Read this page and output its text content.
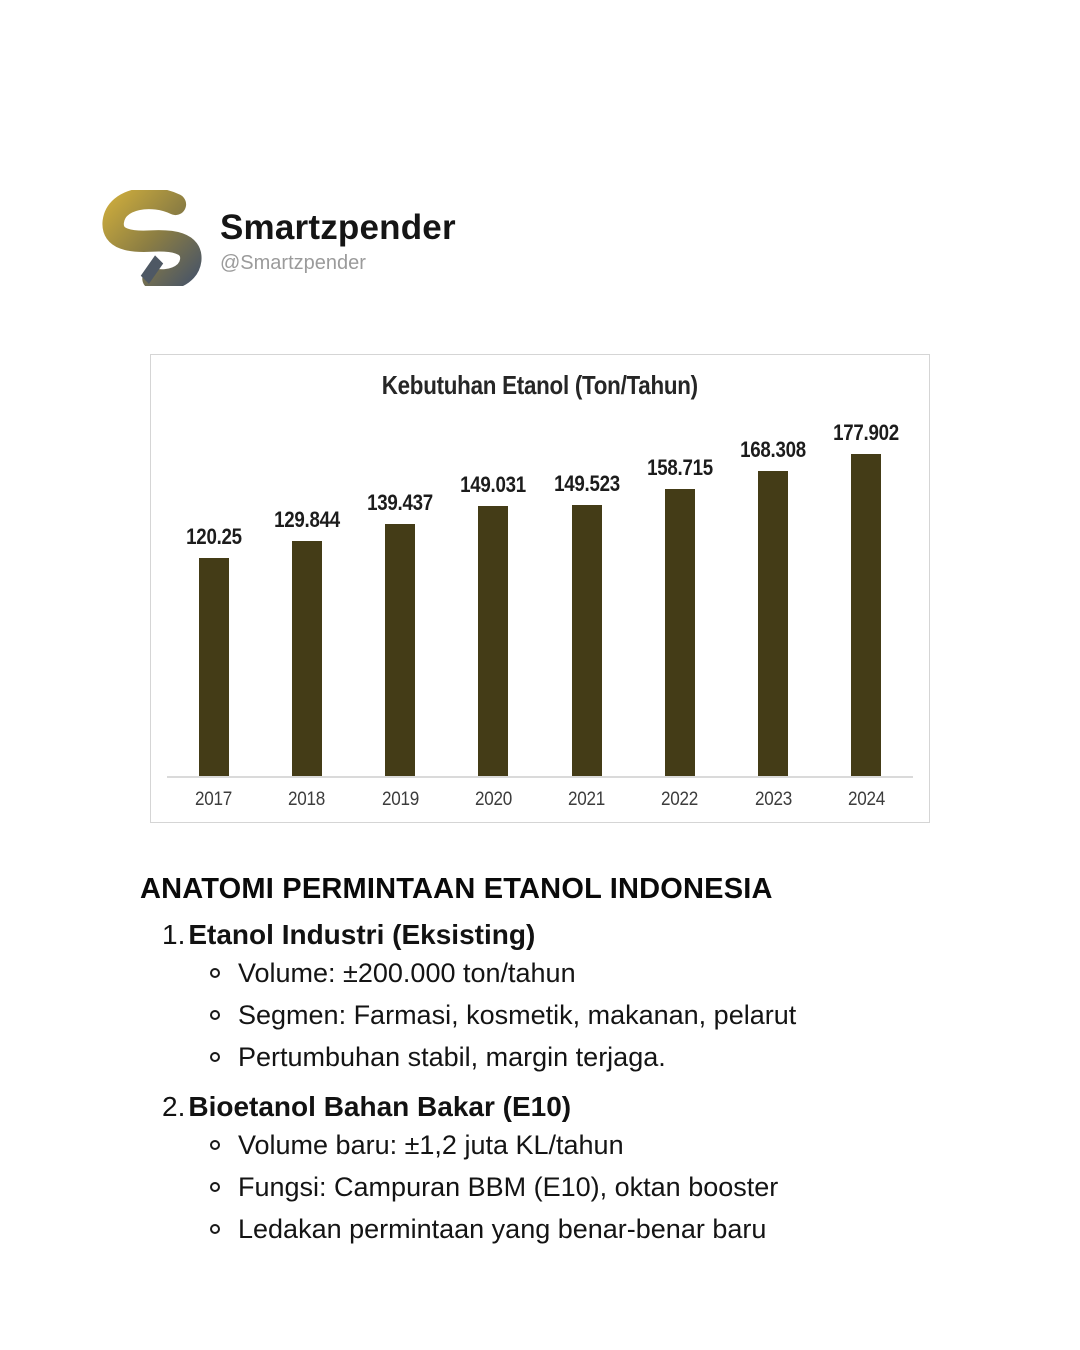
Smartzpender
@Smartzpender
Kebutuhan Etanol (Ton/Tahun)
120.25
129.844
139.437
149.031 149.523
158.715
168.308
177.902
2017	2018	2019	2020	2021	2022	2023	2024
ANATOMI PERMINTAAN ETANOL INDONESIA
1. Etanol Industri (Eksisting)
Volume: ±200.000 ton/tahun
Segmen: Farmasi, kosmetik, makanan, pelarut
Pertumbuhan stabil, margin terjaga.
2. Bioetanol Bahan Bakar (E10)
Volume baru: ±1,2 juta KL/tahun
Fungsi: Campuran BBM (E10), oktan booster
Ledakan permintaan yang benar-benar baru
